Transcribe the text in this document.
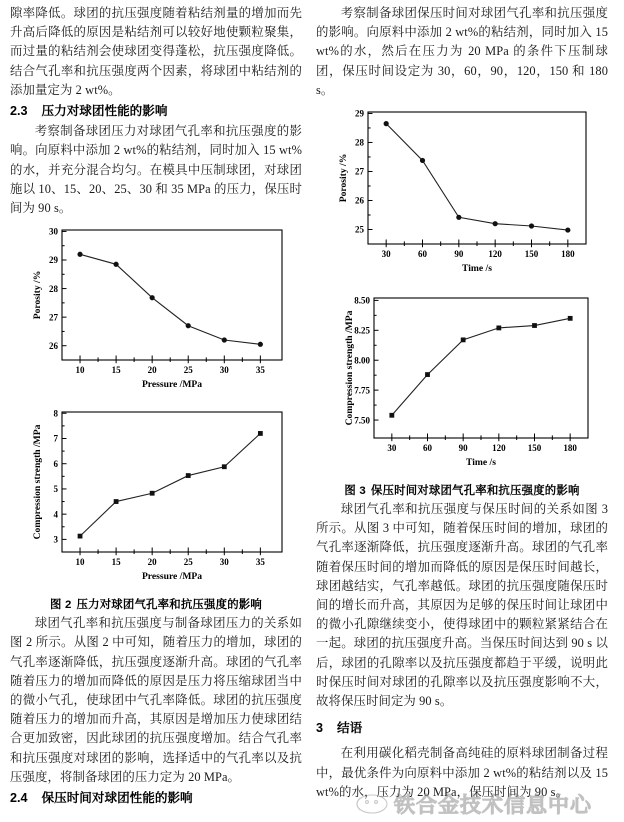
隙率降低。球团的抗压强度随着粘结剂量的增加而先升高后降低的原因是粘结剂可以较好地使颗粒聚集，而过量的粘结剂会使球团变得蓬松，抗压强度降低。结合气孔率和抗压强度两个因素，将球团中粘结剂的添加量定为 2 wt%。

2.3 压力对球团性能的影响

考察制备球团压力对球团气孔率和抗压强度的影响。向原料中添加 2 wt%的粘结剂，同时加入 15 wt%的水，并充分混合均匀。在模具中压制球团，对球团施以 10、15、20、25、30 和 35 MPa 的压力，保压时间为 90 s。

26
27
28
29
30
10	15	20	25	30	35
Pressure /MPa
Porosity /%
3
4
5
6
7
8
10	15	20	25	30	35
Pressure /MPa
Compression strength /MPa

图 2 压力对球团气孔率和抗压强度的影响

球团气孔率和抗压强度与制备球团压力的关系如图 2 所示。从图 2 中可知，随着压力的增加，球团的气孔率逐渐降低，抗压强度逐渐升高。球团的气孔率随着压力的增加而降低的原因是压力将压缩球团当中的微小气孔，使球团中气孔率降低。球团的抗压强度随着压力的增加而升高，其原因是增加压力使球团结合更加致密，因此球团的抗压强度增加。结合气孔率和抗压强度对球团的影响，选择适中的气孔率以及抗压强度，将制备球团的压力定为 20 MPa。

2.4 保压时间对球团性能的影响

考察制备球团保压时间对球团气孔率和抗压强度的影响。向原料中添加 2 wt%的粘结剂，同时加入 15 wt%的水，然后在压力为 20 MPa 的条件下压制球团，保压时间设定为 30，60，90，120，150 和 180 s。

25
26
27
28
29
30	60	90	120	150	180
Time /s
Porosity /%
7.50
7.75
8.00
8.25
8.50
30	60	90	120 150 180
Time /s
Compression strength /MPa

图 3 保压时间对球团气孔率和抗压强度的影响

球团气孔率和抗压强度与保压时间的关系如图 3 所示。从图 3 中可知，随着保压时间的增加，球团的气孔率逐渐降低，抗压强度逐渐升高。球团的气孔率随着保压时间的增加而降低的原因是保压时间越长，球团越结实，气孔率越低。球团的抗压强度随保压时间的增长而升高，其原因为足够的保压时间让球团中的微小孔隙继续变小，使得球团中的颗粒紧紧结合在一起。球团的抗压强度升高。当保压时间达到 90 s 以后，球团的孔隙率以及抗压强度都趋于平缓，说明此时保压时间对球团的孔隙率以及抗压强度影响不大，故将保压时间定为 90 s。

3 结语

在利用碳化稻壳制备高纯硅的原料球团制备过程中，最优条件为向原料中添加 2 wt%的粘结剂以及 15 wt%的水，压力为 20 MPa，保压时间为 90 s。

铁合金技术信息中心
